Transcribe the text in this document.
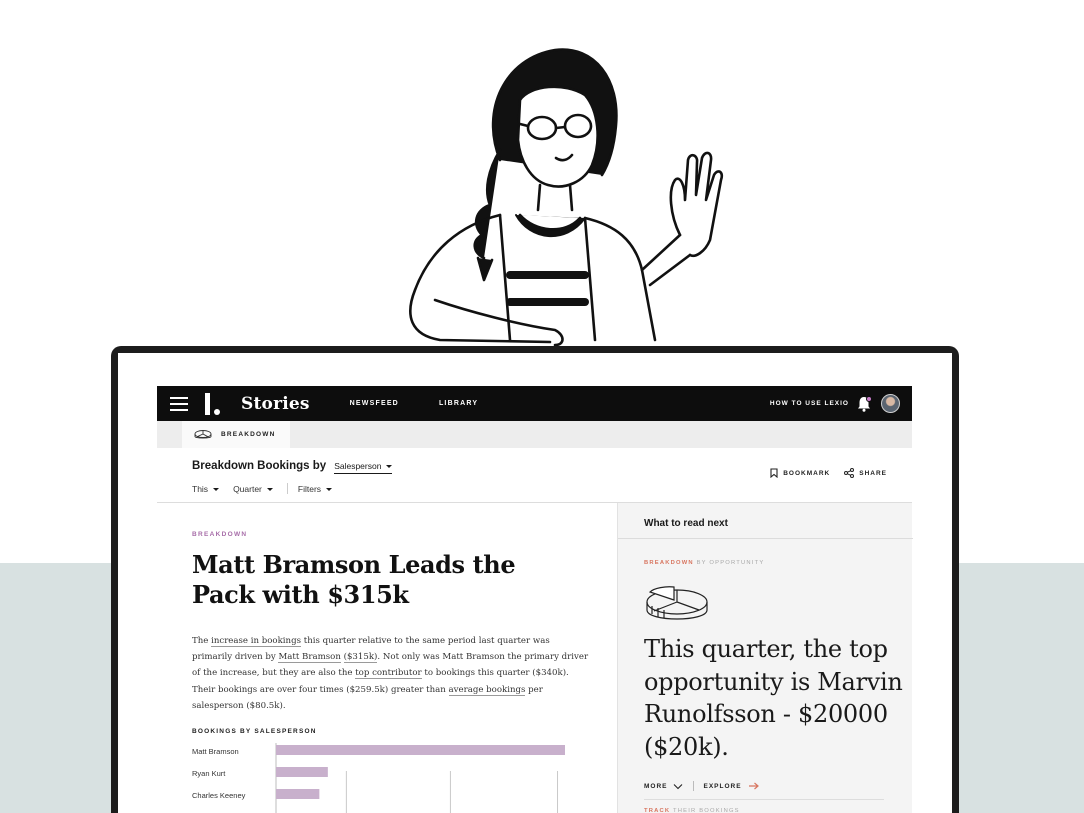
Stories	NEWSFEED	LIBRARY	HOW TO USE LEXIO
BREAKDOWN
Breakdown Bookings by Salesperson
This	Quarter	Filters
BOOKMARK	SHARE
BREAKDOWN
Matt Bramson Leads the Pack with $315k
The increase in bookings this quarter relative to the same period last quarter was primarily driven by Matt Bramson ($315k). Not only was Matt Bramson the primary driver of the increase, but they are also the top contributor to bookings this quarter ($340k). Their bookings are over four times ($259.5k) greater than average bookings per salesperson ($80.5k).
BOOKINGS BY SALESPERSON
Matt Bramson
Ryan Kurt
Charles Keeney
What to read next
BREAKDOWN BY OPPORTUNITY
This quarter, the top opportunity is Marvin Runolfsson - $20000 ($20k).
MORE	EXPLORE
TRACK THEIR BOOKINGS
